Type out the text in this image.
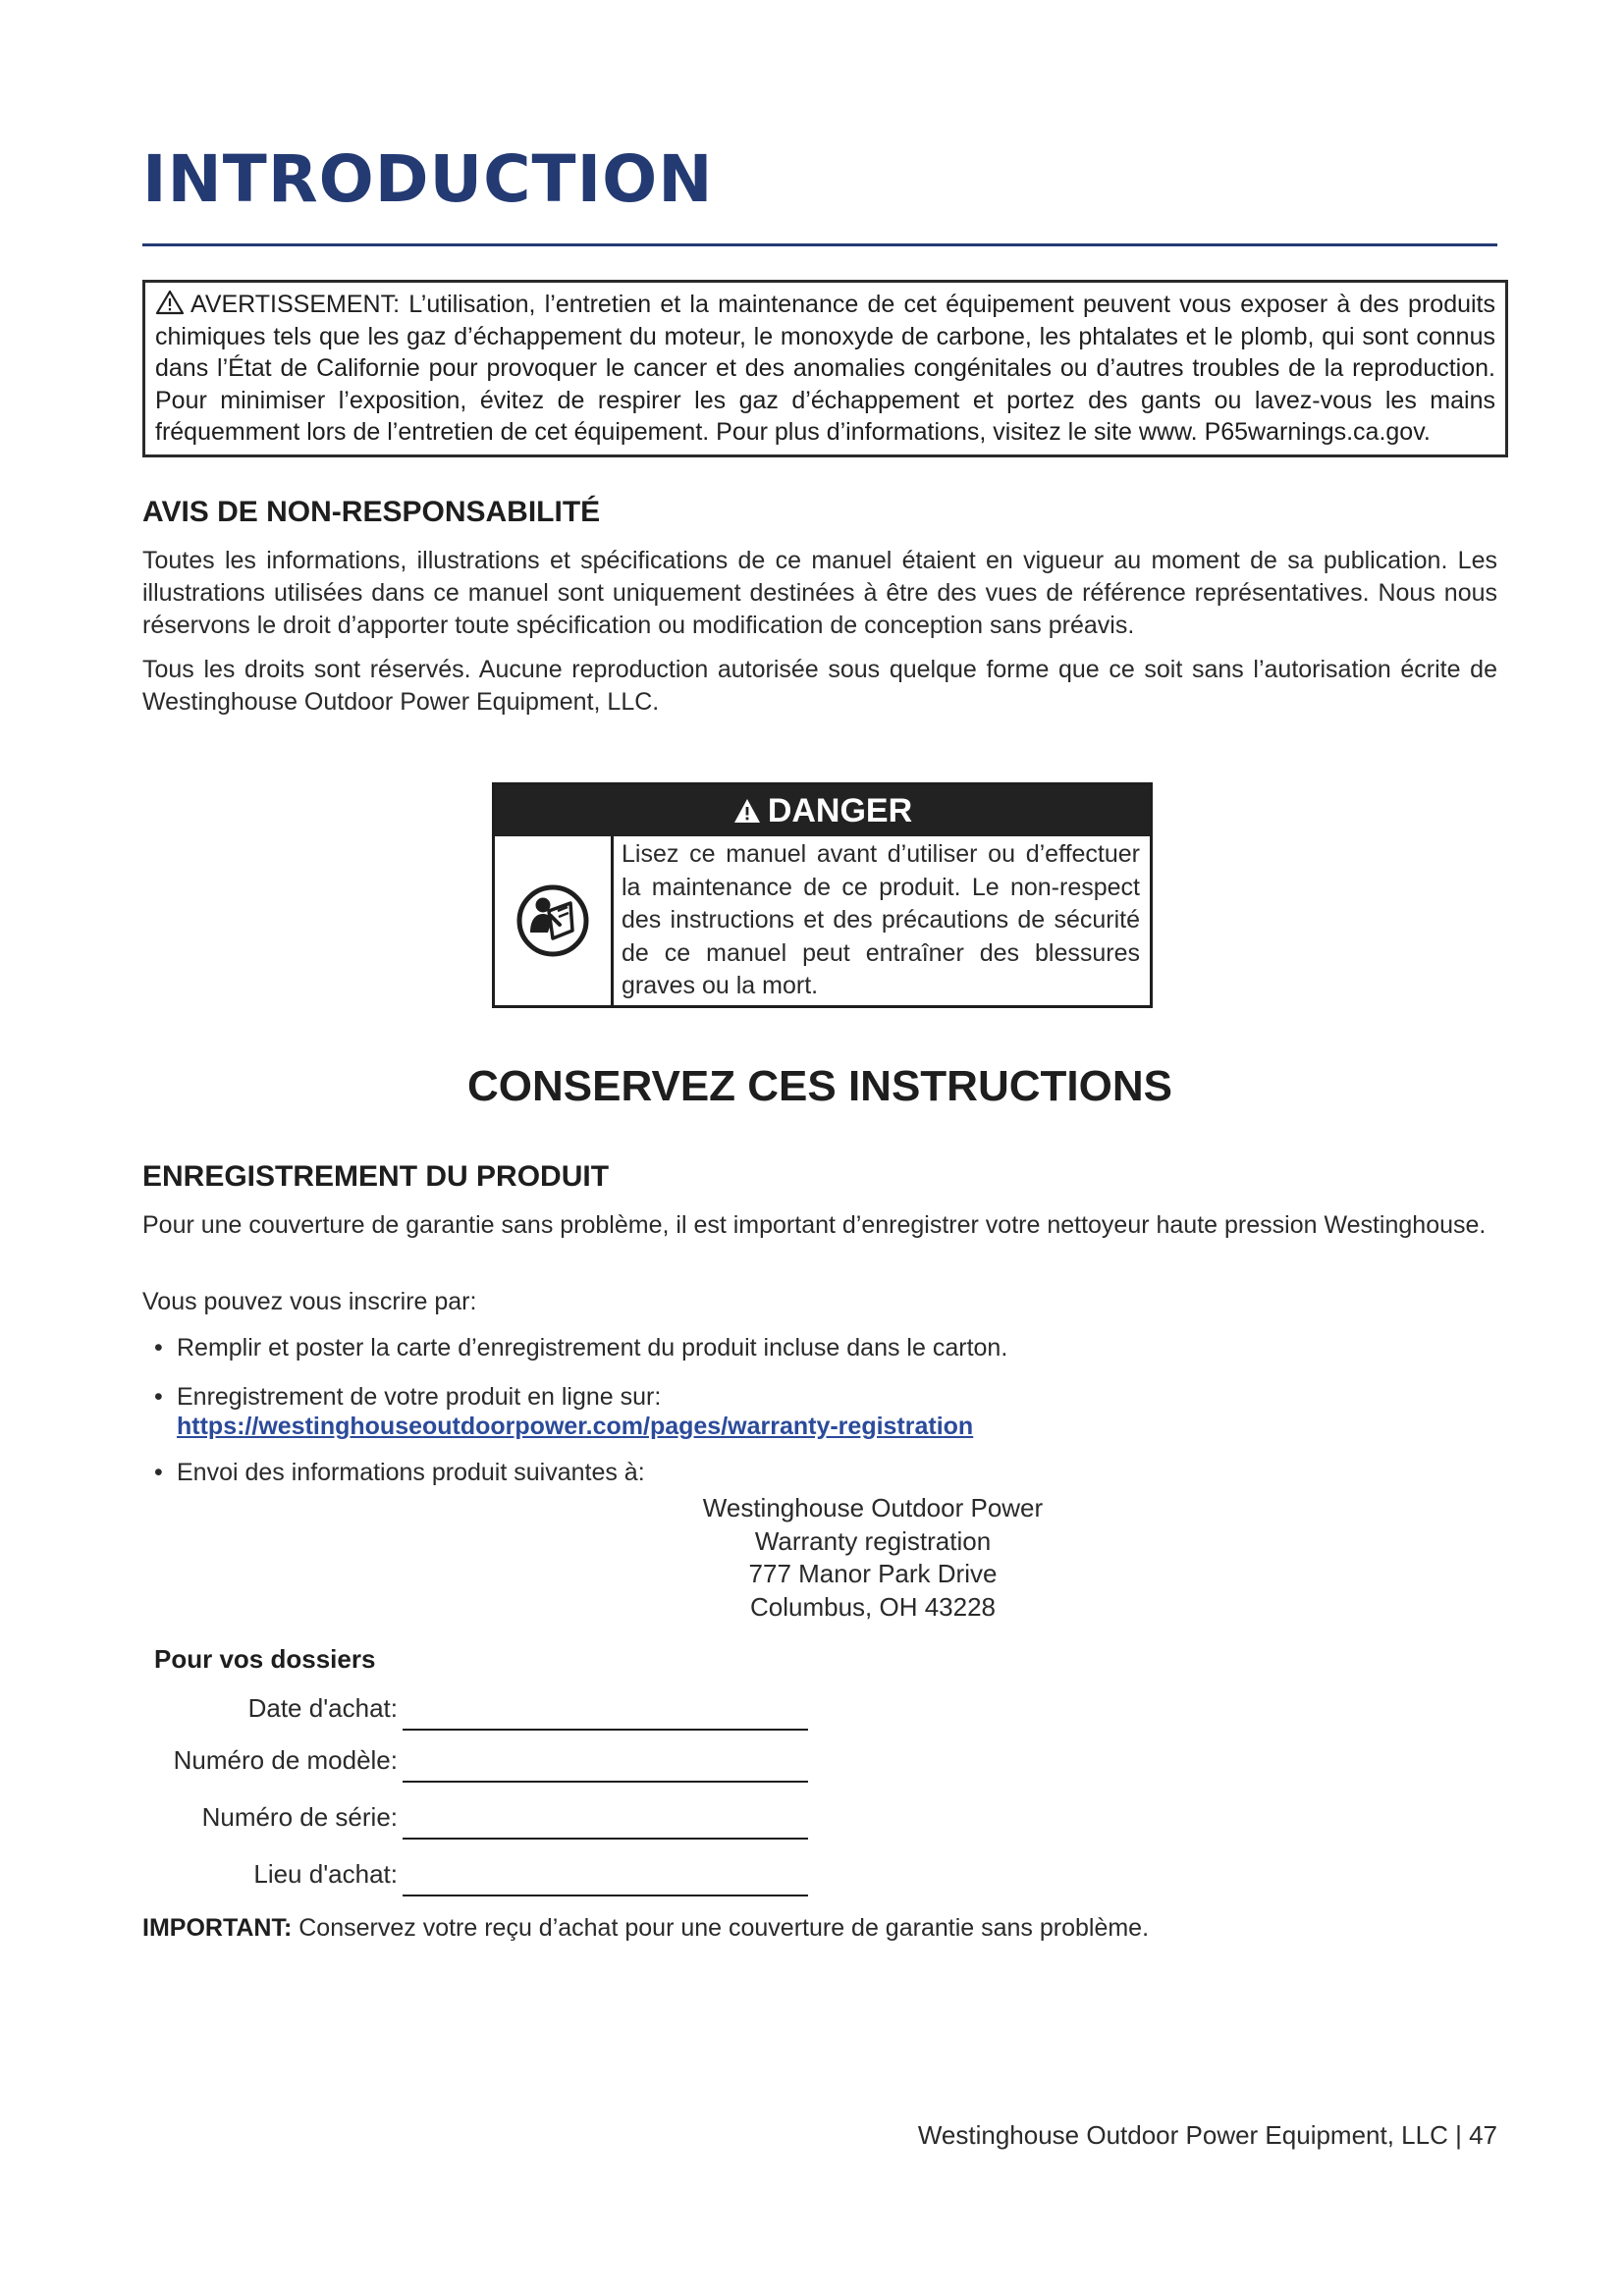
INTRODUCTION
AVERTISSEMENT: L’utilisation, l’entretien et la maintenance de cet équipement peuvent vous exposer à des produits chimiques tels que les gaz d’échappement du moteur, le monoxyde de carbone, les phtalates et le plomb, qui sont connus dans l’État de Californie pour provoquer le cancer et des anomalies congénitales ou d’autres troubles de la reproduction. Pour minimiser l’exposition, évitez de respirer les gaz d’échappement et portez des gants ou lavez-vous les mains fréquemment lors de l’entretien de cet équipement. Pour plus d’informations, visitez le site www. P65warnings.ca.gov.
AVIS DE NON-RESPONSABILITÉ

Toutes les informations, illustrations et spécifications de ce manuel étaient en vigueur au moment de sa publication. Les illustrations utilisées dans ce manuel sont uniquement destinées à être des vues de référence représentatives. Nous nous réservons le droit d’apporter toute spécification ou modification de conception sans préavis.

Tous les droits sont réservés. Aucune reproduction autorisée sous quelque forme que ce soit sans l’autorisation écrite de Westinghouse Outdoor Power Equipment, LLC.

DANGER
Lisez ce manuel avant d’utiliser ou d’effectuer la maintenance de ce produit. Le non-respect des instructions et des précautions de sécurité de ce manuel peut entraîner des blessures graves ou la mort.
CONSERVEZ CES INSTRUCTIONS
ENREGISTREMENT DU PRODUIT

Pour une couverture de garantie sans problème, il est important d’enregistrer votre nettoyeur haute pression Westinghouse.

Vous pouvez vous inscrire par:

• Remplir et poster la carte d’enregistrement du produit incluse dans le carton.
• Enregistrement de votre produit en ligne sur:
https://westinghouseoutdoorpower.com/pages/warranty-registration
• Envoi des informations produit suivantes à:
Westinghouse Outdoor Power
Warranty registration
777 Manor Park Drive
Columbus, OH 43228
Pour vos dossiers
Date d'achat:
Numéro de modèle:
Numéro de série:
Lieu d'achat:

IMPORTANT: Conservez votre reçu d’achat pour une couverture de garantie sans problème.

Westinghouse Outdoor Power Equipment, LLC | 47
